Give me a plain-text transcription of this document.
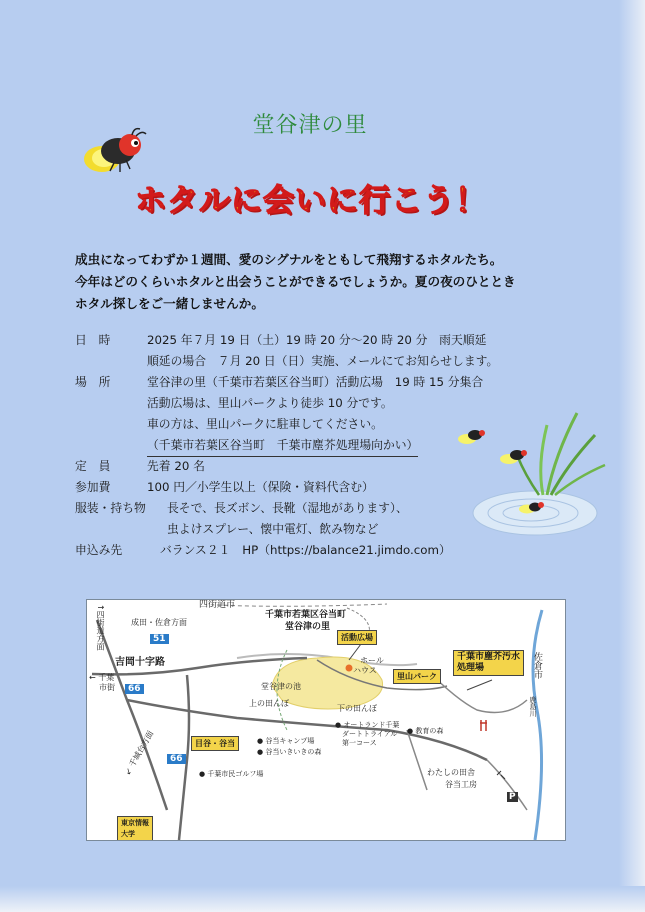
堂谷津の里
ホタルに会いに行こう！
成虫になってわずか１週間、愛のシグナルをともして飛翔するホタルたち。
今年はどのくらいホタルと出会うことができるでしょうか。夏の夜のひととき
ホタル探しをご一緒しませんか。
日　時	2025 年７月 19 日（土）19 時 20 分～20 時 20 分　雨天順延
順延の場合　７月 20 日（日）実施、メールにてお知らせします。
場　所	堂谷津の里（千葉市若葉区谷当町）活動広場　19 時 15 分集合
活動広場は、里山パークより徒歩 10 分です。
車の方は、里山パークに駐車してください。
（千葉市若葉区谷当町　千葉市塵芥処理場向かい）
定　員	先着 20 名
参加費	100 円／小学生以上（保険・資料代含む）
服装・持ち物 長そで、長ズボン、長靴（湿地があります）、
虫よけスプレー、懐中電灯、飲み物など
申込み先	バランス２１　HP（https://balance21.jimdo.com）
四街道市
千葉市若葉区谷当町
堂谷津の里
↑四街道方面	成田・佐倉方面
51
吉岡十字路
← 千葉
市街	66
66
↙ 千城台方面
東京情報
大学
活動広場
ホール
ハウス
堂谷津の池
上の田んぼ
下の田んぼ
里山パーク
千葉市塵芥汚水
処理場
目谷・谷当	● 谷当キャンプ場
● 谷当いきいきの森
● オートランド千葉
　ダートトライアル
　第一コース
● 教育の森
● 千葉市民ゴルフ場	わたしの田舎
谷当工房
P
佐倉市
鹿島川
